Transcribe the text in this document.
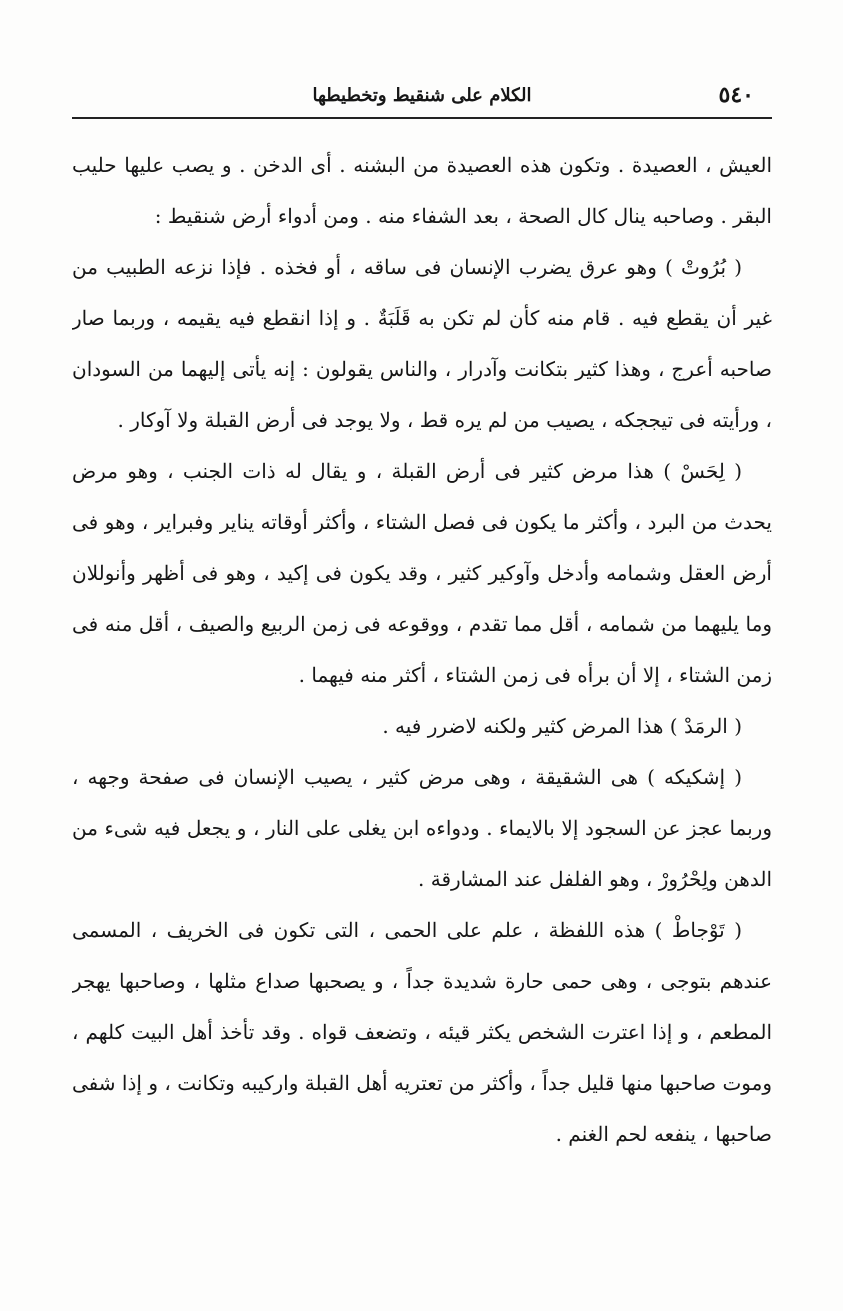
٥٤٠
الكلام على شنقيط وتخطيطها

العيش ، العصيدة . وتكون هذه العصيدة من البشنه . أى الدخن . و يصب عليها حليب البقر . وصاحبه ينال كال الصحة ، بعد الشفاء منه . ومن أدواء أرض شنقيط :

( بُرُوتْ ) وهو عرق يضرب الإنسان فى ساقه ، أو فخذه . فإذا نزعه الطبيب من غير أن يقطع فيه . قام منه كأن لم تكن به قَلَبَةٌ . و إذا انقطع فيه يقيمه ، وربما صار صاحبه أعرج ، وهذا كثير بتكانت وآدرار ، والناس يقولون : إنه يأتى إليهما من السودان ، ورأيته فى تيججكه ، يصيب من لم يره قط ، ولا يوجد فى أرض القبلة ولا آوكار .

( لِحَسْ ) هذا مرض كثير فى أرض القبلة ، و يقال له ذات الجنب ، وهو مرض يحدث من البرد ، وأكثر ما يكون فى فصل الشتاء ، وأكثر أوقاته يناير وفبراير ، وهو فى أرض العقل وشمامه وأدخل وآوكير كثير ، وقد يكون فى إكيد ، وهو فى أظهر وأنوللان وما يليهما من شمامه ، أقل مما تقدم ، ووقوعه فى زمن الربيع والصيف ، أقل منه فى زمن الشتاء ، إلا أن برأه فى زمن الشتاء ، أكثر منه فيهما .

( الرمَدْ ) هذا المرض كثير ولكنه لاضرر فيه .

( إشكيكه ) هى الشقيقة ، وهى مرض كثير ، يصيب الإنسان فى صفحة وجهه ، وربما عجز عن السجود إلا بالايماء . ودواءه ابن يغلى على النار ، و يجعل فيه شىء من الدهن ولِحْرُورْ ، وهو الفلفل عند المشارقة .

( تَوْجاطْ ) هذه اللفظة ، علم على الحمى ، التى تكون فى الخريف ، المسمى عندهم بتوجى ، وهى حمى حارة شديدة جداً ، و يصحبها صداع مثلها ، وصاحبها يهجر المطعم ، و إذا اعترت الشخص يكثر قيئه ، وتضعف قواه . وقد تأخذ أهل البيت كلهم ، وموت صاحبها منها قليل جداً ، وأكثر من تعتريه أهل القبلة واركيبه وتكانت ، و إذا شفى صاحبها ، ينفعه لحم الغنم .
